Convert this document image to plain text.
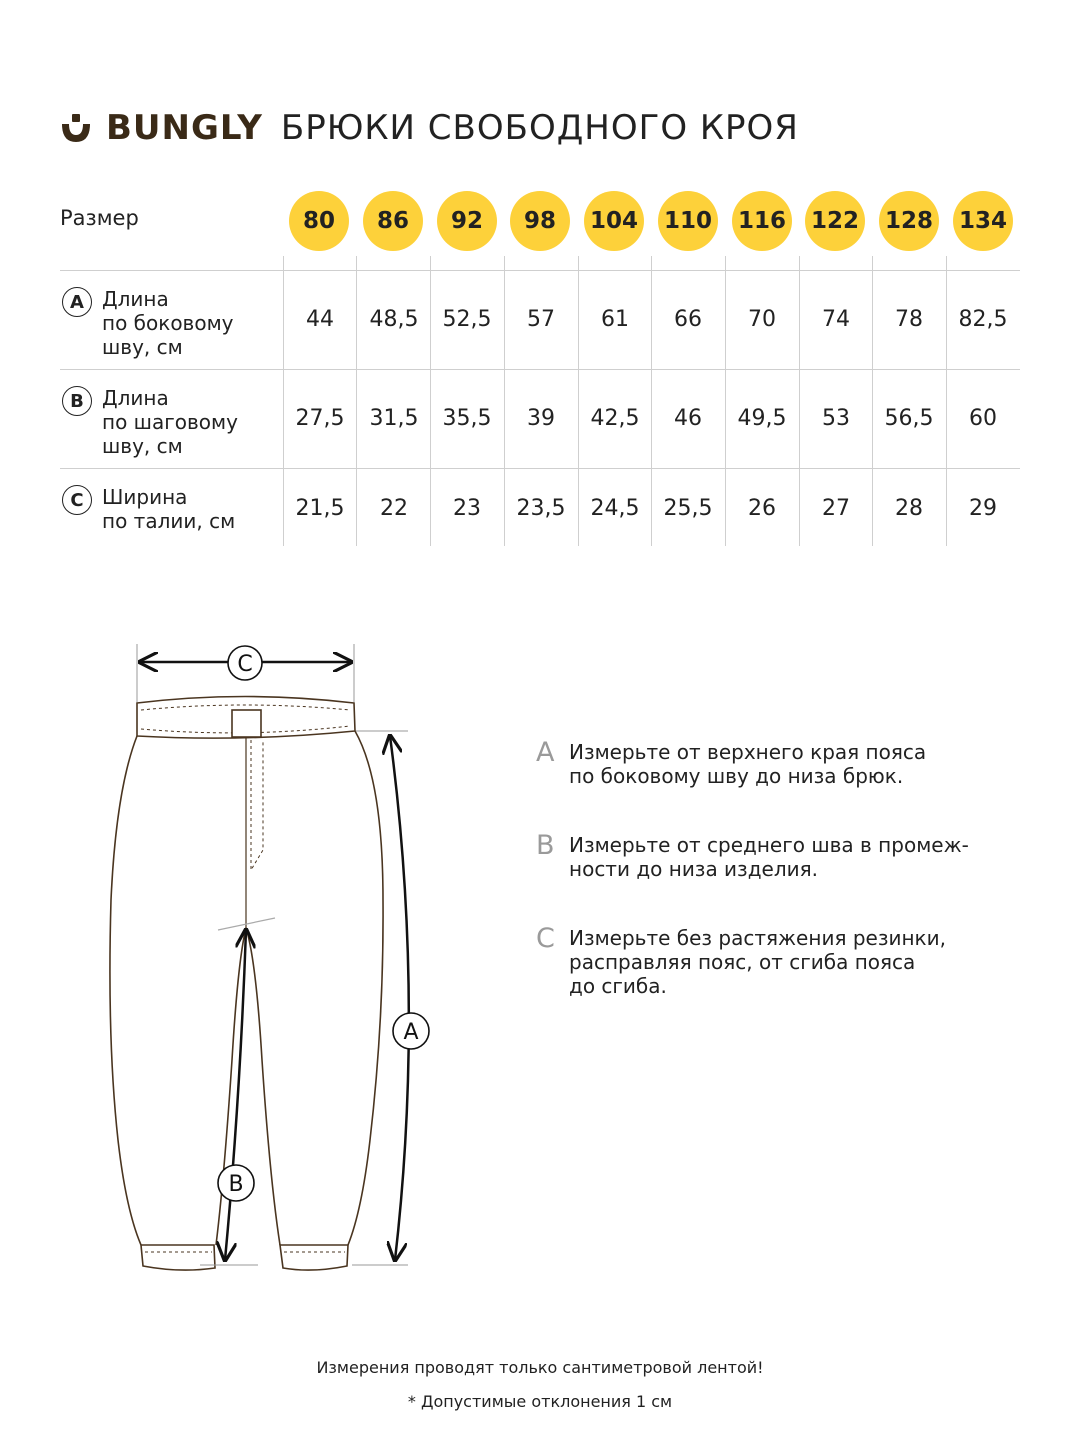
BUNGLY БРЮКИ СВОБОДНОГО КРОЯ
Размер	80	86	92	98	104 110 116 122 128 134
A Длина
по боковому
шву, см
44	48,5	52,5	57	61	66	70	74	78	82,5
B Длина
по шаговому
шву, см
27,5	31,5	35,5	39	42,5	46	49,5	53	56,5	60
C Ширина
по талии, см	21,5	22	23	23,5	24,5	25,5	26	27	28	29
C
A
B
A Измерьте от верхнего края пояса
по боковому шву до низа брюк.
B Измерьте от среднего шва в промеж-
ности до низа изделия.
C Измерьте без растяжения резинки,
расправляя пояс, от сгиба пояса
до сгиба.
Измерения проводят только сантиметровой лентой!
* Допустимые отклонения 1 см
